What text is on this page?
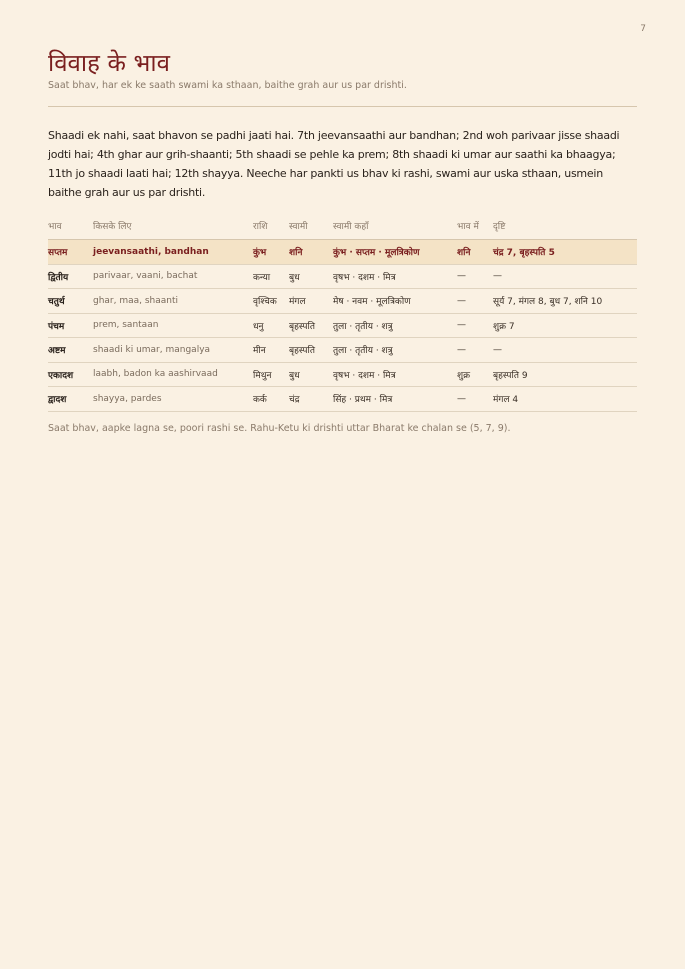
7
विवाह के भाव
Saat bhav, har ek ke saath swami ka sthaan, baithe grah aur us par drishti.

Shaadi ek nahi, saat bhavon se padhi jaati hai. 7th jeevansaathi aur bandhan; 2nd woh parivaar jisse shaadi jodti hai; 4th ghar aur grih-shaanti; 5th shaadi se pehle ka prem; 8th shaadi ki umar aur saathi ka bhaagya; 11th jo shaadi laati hai; 12th shayya. Neeche har pankti us bhav ki rashi, swami aur uska sthaan, usmein baithe grah aur us par drishti.

भाव	किसके लिए	राशि	स्वामी	स्वामी कहाँ	भाव में	दृष्टि
सप्तम	jeevansaathi, bandhan	कुंभ	शनि	कुंभ · सप्तम · मूलत्रिकोण	शनि	चंद्र 7, बृहस्पति 5
द्वितीय	parivaar, vaani, bachat	कन्या	बुध	वृषभ · दशम · मित्र	—	—
चतुर्थ	ghar, maa, shaanti	वृश्चिक	मंगल	मेष · नवम · मूलत्रिकोण	—	सूर्य 7, मंगल 8, बुध 7, शनि 10
पंचम	prem, santaan	धनु	बृहस्पति	तुला · तृतीय · शत्रु	—	शुक्र 7
अष्टम	shaadi ki umar, mangalya	मीन	बृहस्पति	तुला · तृतीय · शत्रु	—	—
एकादश	laabh, badon ka aashirvaad	मिथुन	बुध	वृषभ · दशम · मित्र	शुक्र	बृहस्पति 9
द्वादश	shayya, pardes	कर्क	चंद्र	सिंह · प्रथम · मित्र	—	मंगल 4
Saat bhav, aapke lagna se, poori rashi se. Rahu-Ketu ki drishti uttar Bharat ke chalan se (5, 7, 9).
